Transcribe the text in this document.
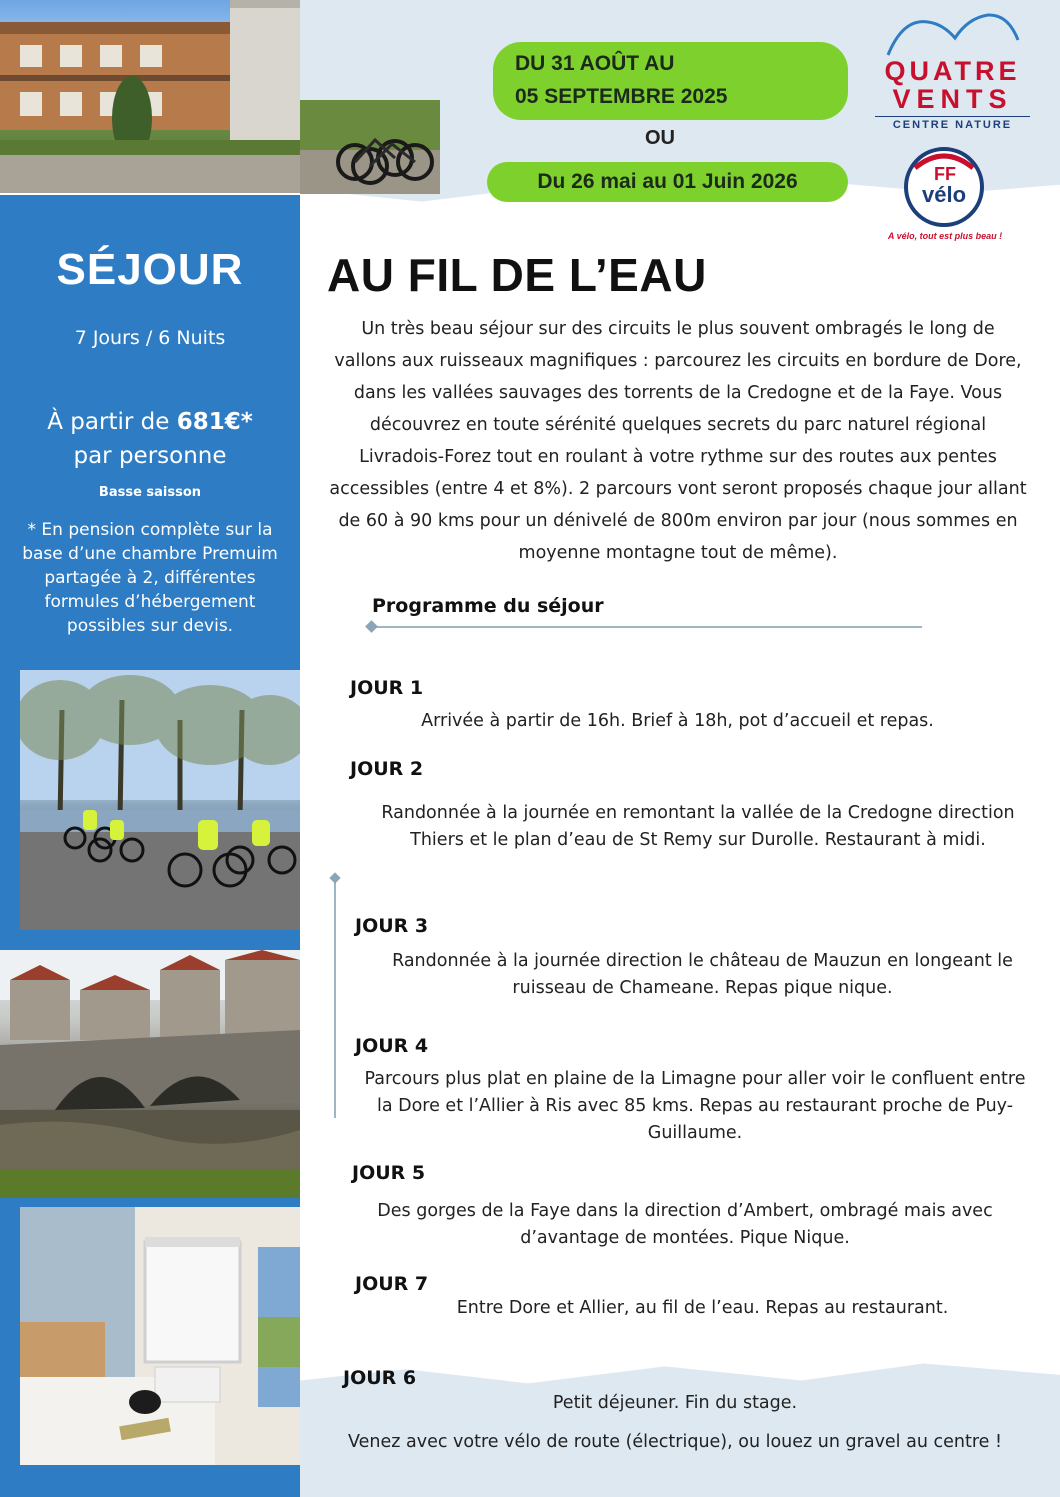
SÉJOUR
7 Jours / 6 Nuits
À partir de 681€*
par personne
Basse saisson
* En pension complète sur la base d’une chambre Premuim partagée à 2, différentes formules d’hébergement possibles sur devis.
QUATRE
VENTS
CENTRE NATURE
FF
vélo
A vélo, tout est plus beau !
DU 31 AOÛT AU
05 SEPTEMBRE 2025
OU
Du 26 mai au 01 Juin 2026
AU FIL DE L’EAU
Un très beau séjour sur des circuits le plus souvent ombragés le long de vallons aux ruisseaux magnifiques : parcourez les circuits en bordure de Dore, dans les vallées sauvages des torrents de la Credogne et de la Faye. Vous découvrez en toute sérénité quelques secrets du parc naturel régional Livradois-Forez tout en roulant à votre rythme sur des routes aux pentes accessibles (entre 4 et 8%). 2 parcours vont seront proposés chaque jour allant de 60 à 90 kms pour un dénivelé de 800m environ par jour (nous sommes en moyenne montagne tout de même).
Programme du séjour
JOUR 1
Arrivée à partir de 16h. Brief à 18h, pot d’accueil et repas.
JOUR 2
Randonnée à la journée en remontant la vallée de la Credogne direction Thiers et le plan d’eau de St Remy sur Durolle. Restaurant à midi.
JOUR 3
Randonnée à la journée direction le château de Mauzun en longeant le ruisseau de Chameane. Repas pique nique.
JOUR 4
Parcours plus plat en plaine de la Limagne pour aller voir le confluent entre la Dore et l’Allier à Ris avec 85 kms. Repas au restaurant proche de Puy-Guillaume.
JOUR 5
Des gorges de la Faye dans la direction d’Ambert, ombragé mais avec d’avantage de montées. Pique Nique.
JOUR 7
Entre Dore et Allier, au fil de l’eau. Repas au restaurant.
JOUR 6
Petit déjeuner. Fin du stage.
Venez avec votre vélo de route (électrique), ou louez un gravel au centre !
